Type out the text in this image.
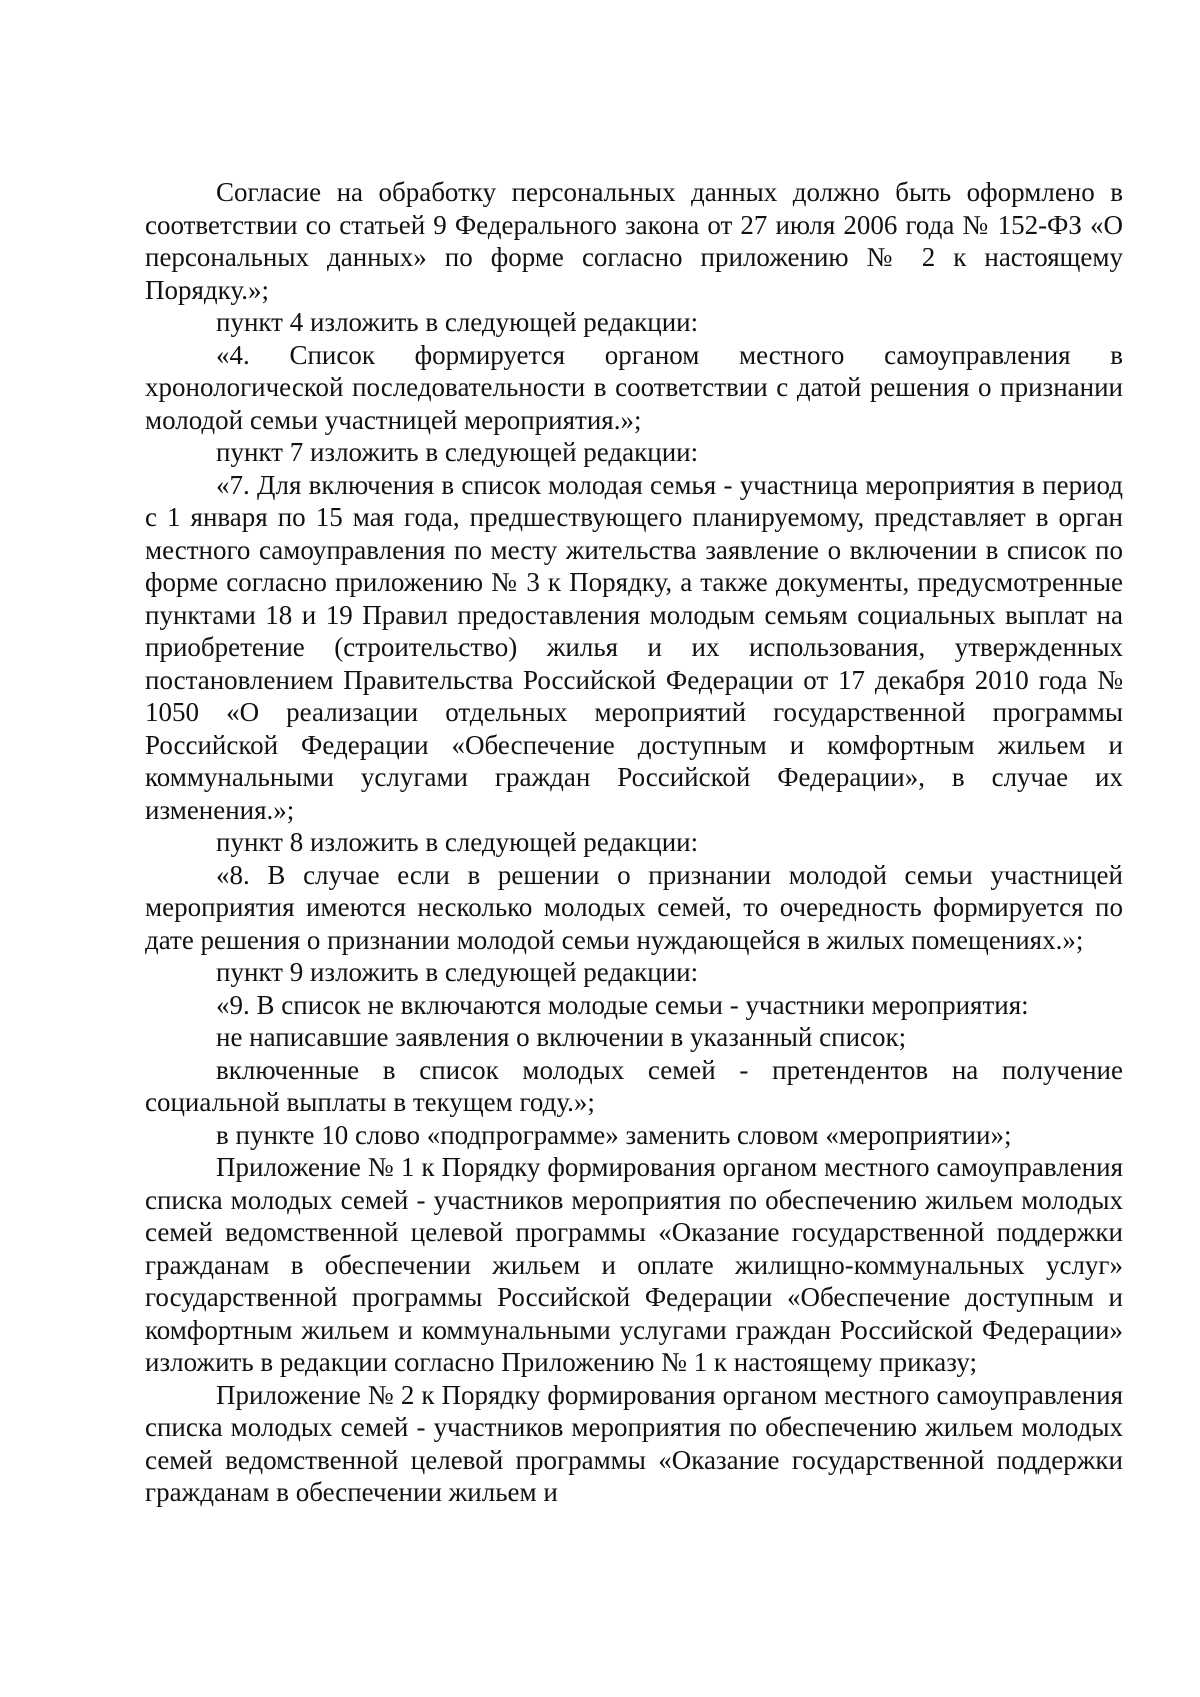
Согласие на обработку персональных данных должно быть оформлено в соответствии со статьей 9 Федерального закона от 27 июля 2006 года № 152-ФЗ «О персональных данных» по форме согласно приложению № 2 к настоящему Порядку.»;

пункт 4 изложить в следующей редакции:

«4. Список формируется органом местного самоуправления в хронологической последовательности в соответствии с датой решения о признании молодой семьи участницей мероприятия.»;

пункт 7 изложить в следующей редакции:

«7. Для включения в список молодая семья - участница мероприятия в период с 1 января по 15 мая года, предшествующего планируемому, представляет в орган местного самоуправления по месту жительства заявление о включении в список по форме согласно приложению № 3 к Порядку, а также документы, предусмотренные пунктами 18 и 19 Правил предоставления молодым семьям социальных выплат на приобретение (строительство) жилья и их использования, утвержденных постановлением Правительства Российской Федерации от 17 декабря 2010 года № 1050 «О реализации отдельных мероприятий государственной программы Российской Федерации «Обеспечение доступным и комфортным жильем и коммунальными услугами граждан Российской Федерации», в случае их изменения.»;

пункт 8 изложить в следующей редакции:

«8. В случае если в решении о признании молодой семьи участницей мероприятия имеются несколько молодых семей, то очередность формируется по дате решения о признании молодой семьи нуждающейся в жилых помещениях.»;

пункт 9 изложить в следующей редакции:

«9. В список не включаются молодые семьи - участники мероприятия:

не написавшие заявления о включении в указанный список;

включенные в список молодых семей - претендентов на получение социальной выплаты в текущем году.»;

в пункте 10 слово «подпрограмме» заменить словом «мероприятии»;

Приложение № 1 к Порядку формирования органом местного самоуправления списка молодых семей - участников мероприятия по обеспечению жильем молодых семей ведомственной целевой программы «Оказание государственной поддержки гражданам в обеспечении жильем и оплате жилищно-коммунальных услуг» государственной программы Российской Федерации «Обеспечение доступным и комфортным жильем и коммунальными услугами граждан Российской Федерации» изложить в редакции согласно Приложению № 1 к настоящему приказу;

Приложение № 2 к Порядку формирования органом местного самоуправления списка молодых семей - участников мероприятия по обеспечению жильем молодых семей ведомственной целевой программы «Оказание государственной поддержки гражданам в обеспечении жильем и
